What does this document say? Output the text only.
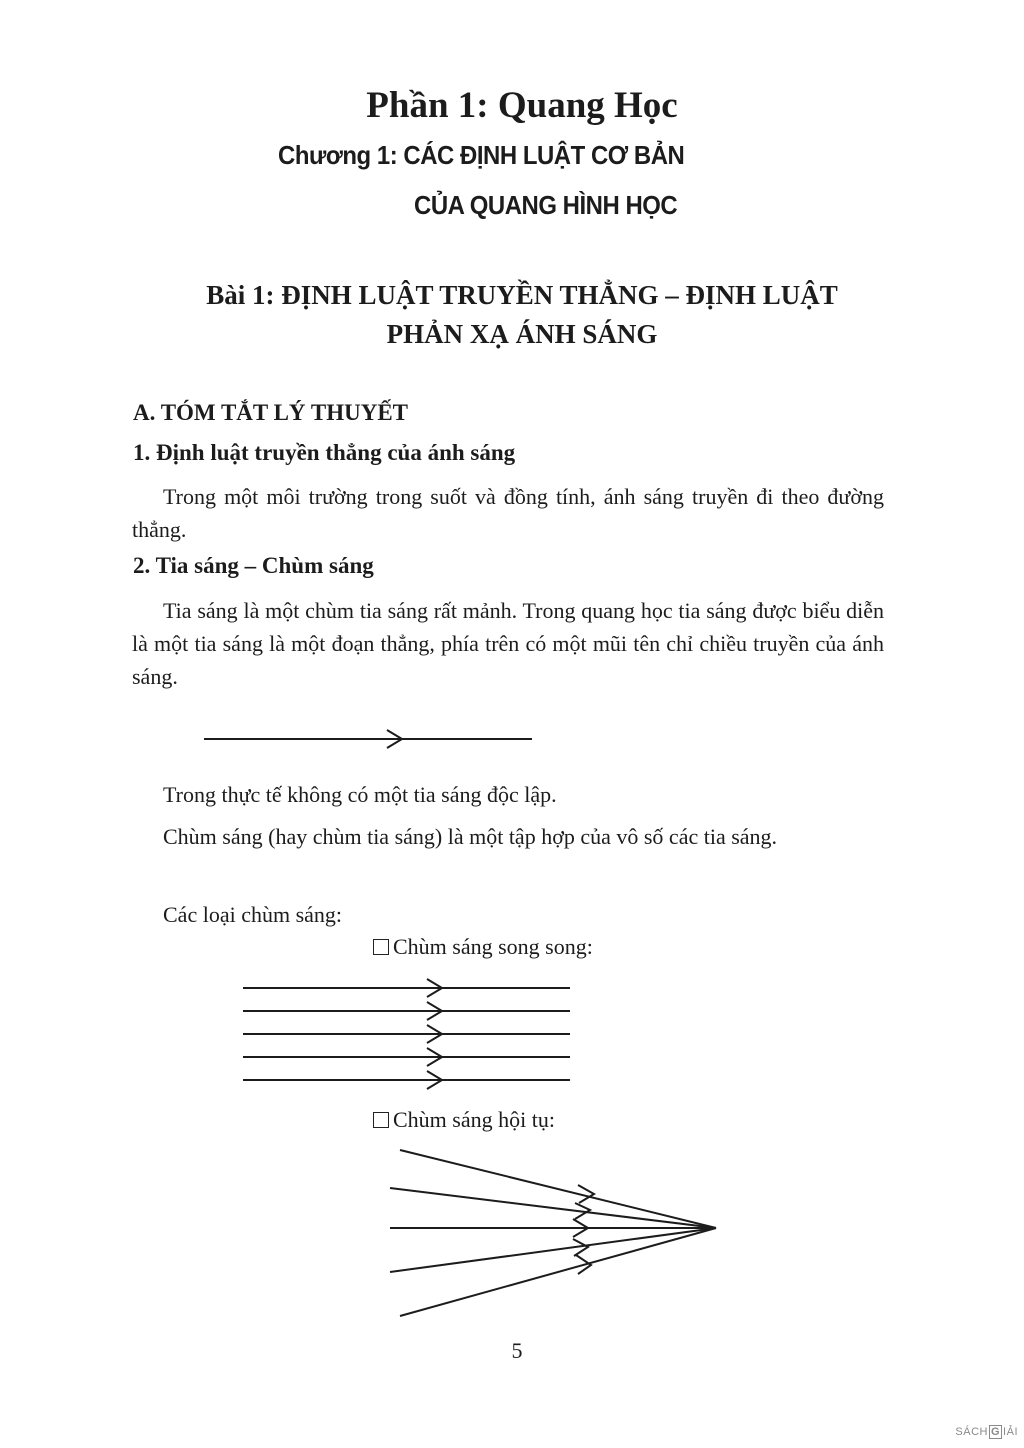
Phần 1: Quang Học
Chương 1: CÁC ĐỊNH LUẬT CƠ BẢN
CỦA QUANG HÌNH HỌC
Bài 1: ĐỊNH LUẬT TRUYỀN THẲNG – ĐỊNH LUẬT
PHẢN XẠ ÁNH SÁNG
A. TÓM TẮT LÝ THUYẾT
1. Định luật truyền thẳng của ánh sáng

Trong một môi trường trong suốt và đồng tính, ánh sáng truyền đi theo đường thẳng.

2. Tia sáng – Chùm sáng

Tia sáng là một chùm tia sáng rất mảnh. Trong quang học tia sáng được biểu diễn là một tia sáng là một đoạn thẳng, phía trên có một mũi tên chỉ chiều truyền của ánh sáng.

Trong thực tế không có một tia sáng độc lập.

Chùm sáng (hay chùm tia sáng) là một tập hợp của vô số các tia sáng.

Các loại chùm sáng:

Chùm sáng song song:
Chùm sáng hội tụ:
5
SÁCH G IẢI
